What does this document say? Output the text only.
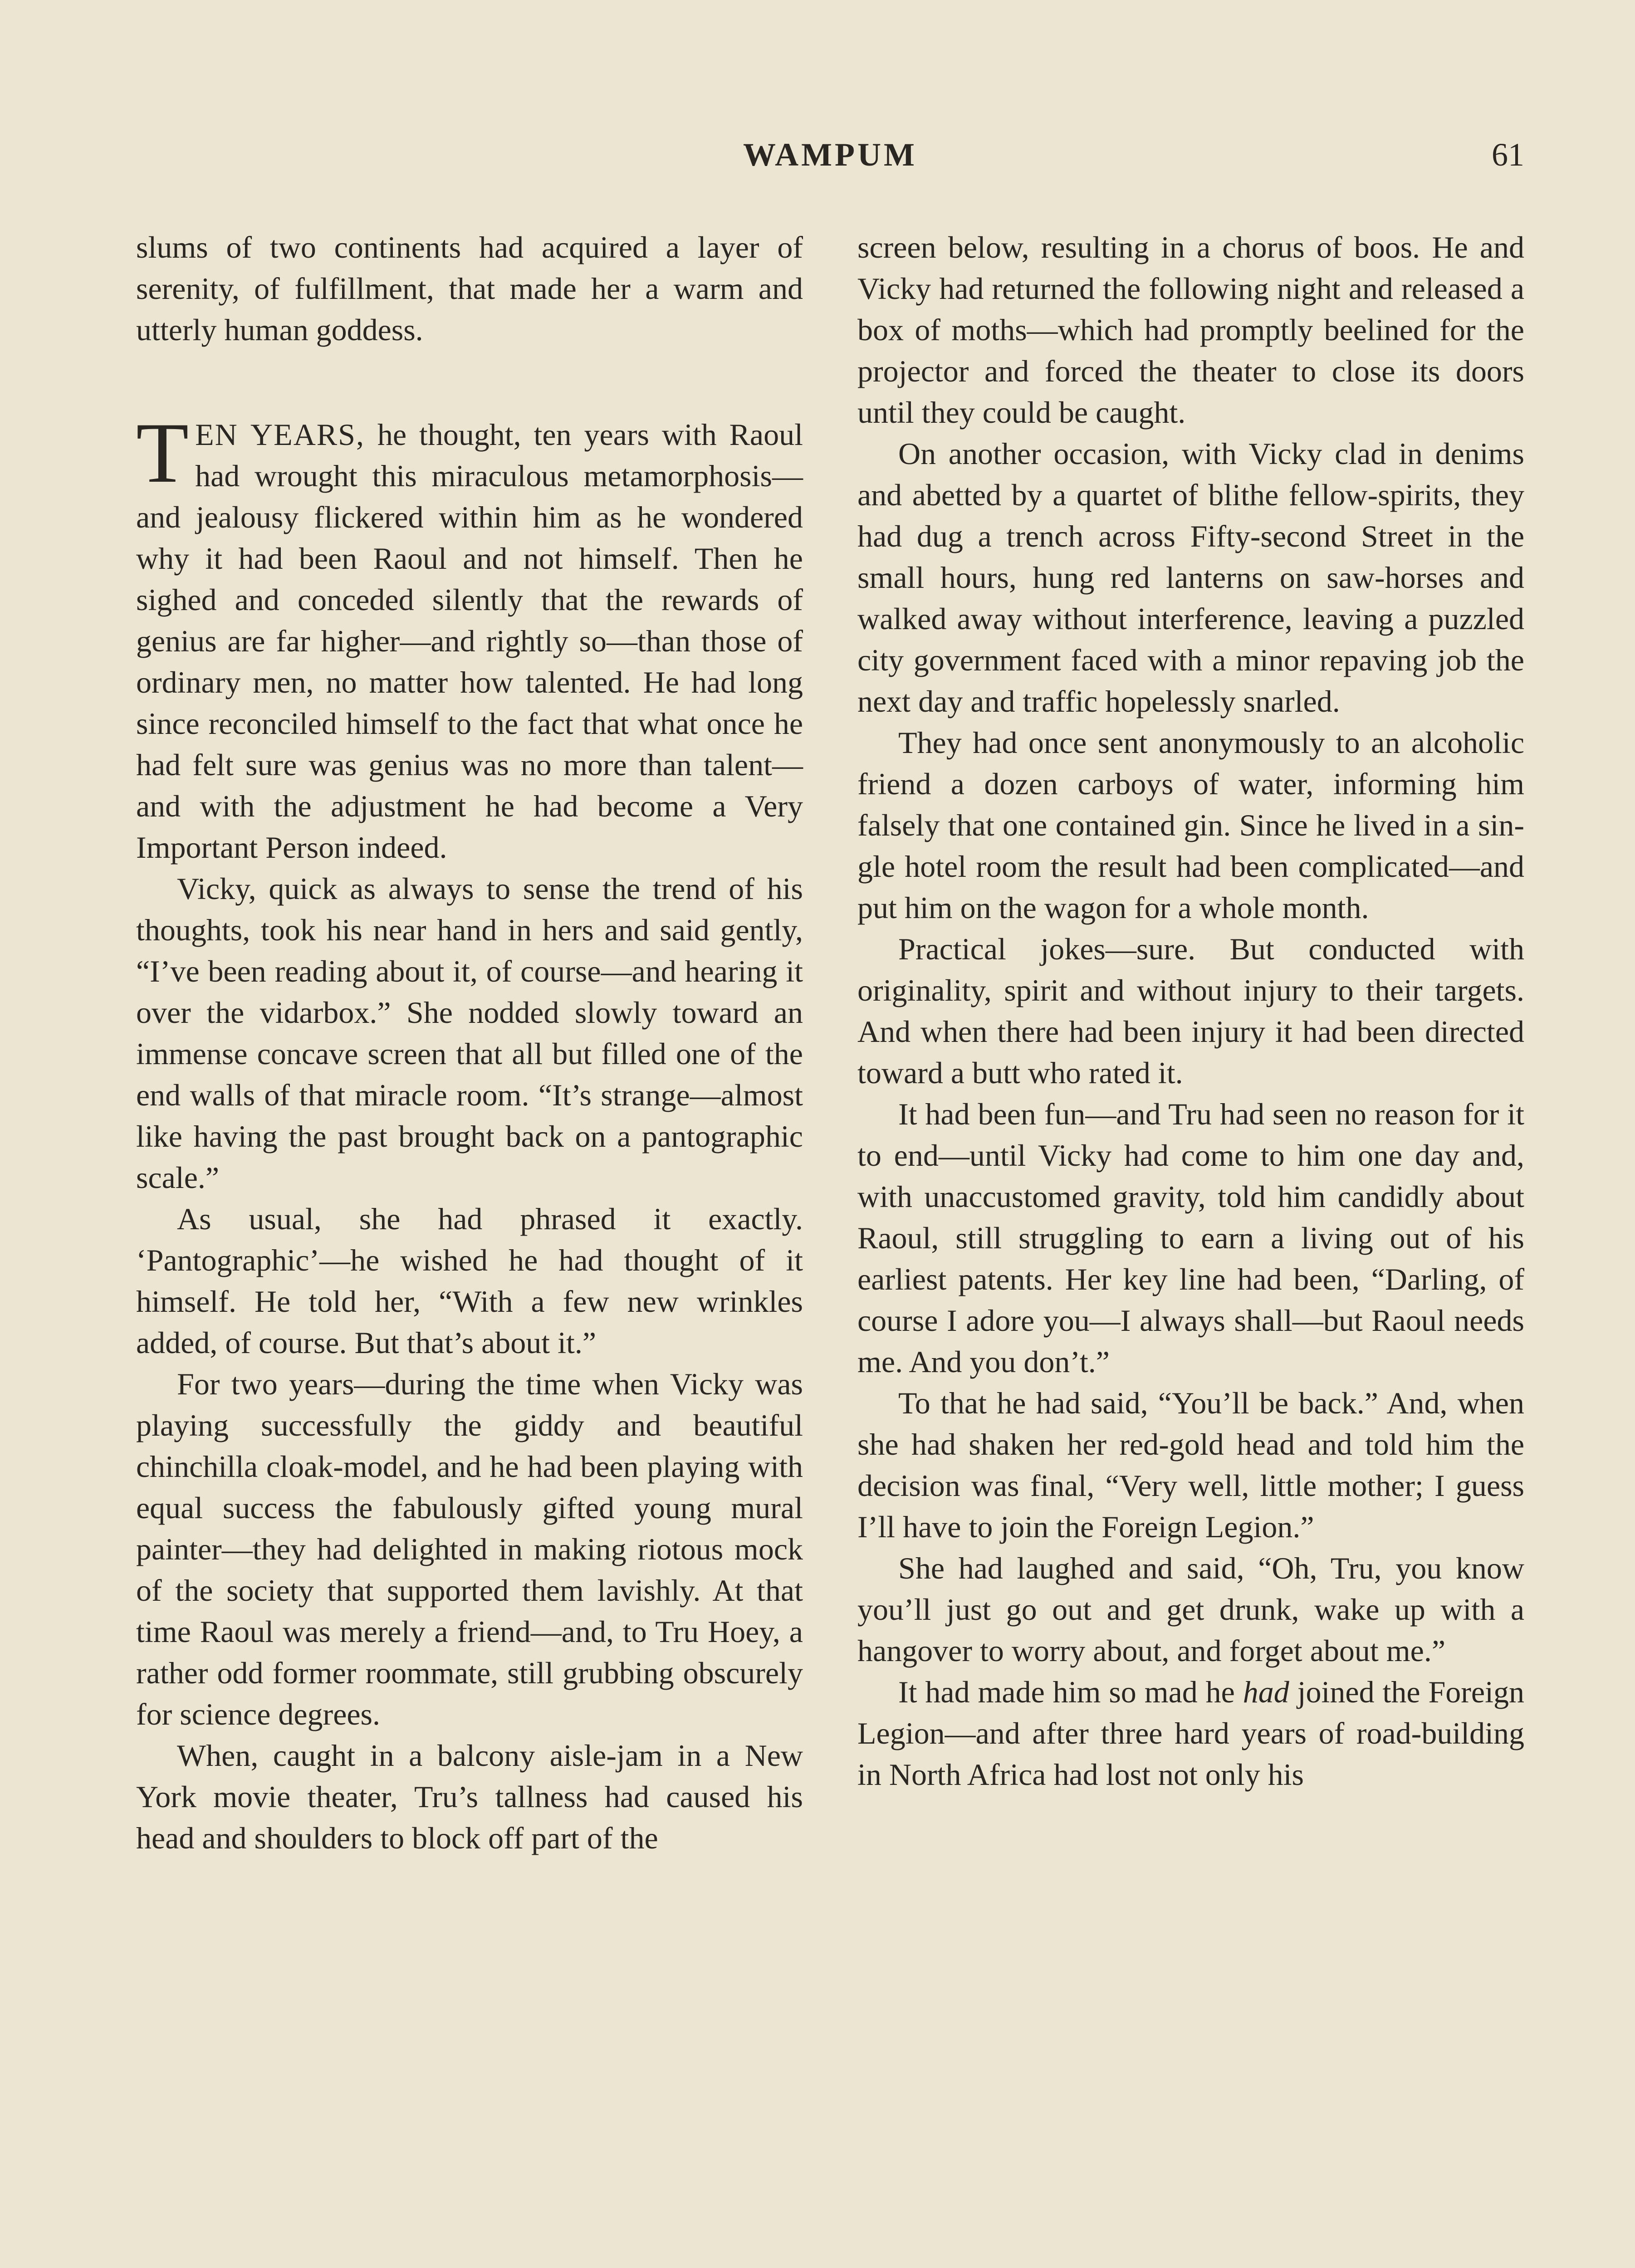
WAMPUM	61

slums of two continents had acquired a layer of serenity, of fulfillment, that made her a warm and utterly human goddess.

TEN YEARS, he thought, ten years with Raoul had wrought this miraculous metamorphosis—and jealousy flickered within him as he wondered why it had been Raoul and not himself. Then he sighed and conceded silently that the rewards of genius are far higher—and rightly so—than those of ordinary men, no matter how talented. He had long since reconciled himself to the fact that what once he had felt sure was genius was no more than talent—and with the adjustment he had become a Very Important Person indeed.

Vicky, quick as always to sense the trend of his thoughts, took his near hand in hers and said gently, “I’ve been reading about it, of course—and hearing it over the vidarbox.” She nodded slowly toward an immense concave screen that all but filled one of the end walls of that miracle room. “It’s strange—almost like having the past brought back on a pantographic scale.”

As usual, she had phrased it exactly. ‘Pantographic’—he wished he had thought of it himself. He told her, “With a few new wrinkles added, of course. But that’s about it.”

For two years—during the time when Vicky was playing successfully the giddy and beautiful chinchilla cloak-model, and he had been playing with equal success the fabulously gifted young mural painter—they had delighted in making riotous mock of the society that supported them lavishly. At that time Raoul was merely a friend—and, to Tru Hoey, a rather odd former roommate, still grubbing obscurely for science degrees.

When, caught in a balcony aisle-jam in a New York movie theater, Tru’s tallness had caused his head and shoulders to block off part of the

screen below, resulting in a chorus of boos. He and Vicky had returned the following night and released a box of moths—which had promptly beelined for the projector and forced the theater to close its doors until they could be caught.

On another occasion, with Vicky clad in denims and abetted by a quartet of blithe fellow-spirits, they had dug a trench across Fifty-second Street in the small hours, hung red lanterns on saw-horses and walked away without interference, leaving a puzzled city government faced with a minor repaving job the next day and traffic hopelessly snarled.

They had once sent anonymously to an alcoholic friend a dozen carboys of water, informing him falsely that one contained gin. Since he lived in a single hotel room the result had been complicated—and put him on the wagon for a whole month.

Practical jokes—sure. But conducted with originality, spirit and without injury to their targets. And when there had been injury it had been directed toward a butt who rated it.

It had been fun—and Tru had seen no reason for it to end—until Vicky had come to him one day and, with unaccustomed gravity, told him candidly about Raoul, still struggling to earn a living out of his earliest patents. Her key line had been, “Darling, of course I adore you—I always shall—but Raoul needs me. And you don’t.”

To that he had said, “You’ll be back.” And, when she had shaken her red-gold head and told him the decision was final, “Very well, little mother; I guess I’ll have to join the Foreign Legion.”

She had laughed and said, “Oh, Tru, you know you’ll just go out and get drunk, wake up with a hangover to worry about, and forget about me.”

It had made him so mad he had joined the Foreign Legion—and after three hard years of road-building in North Africa had lost not only his
